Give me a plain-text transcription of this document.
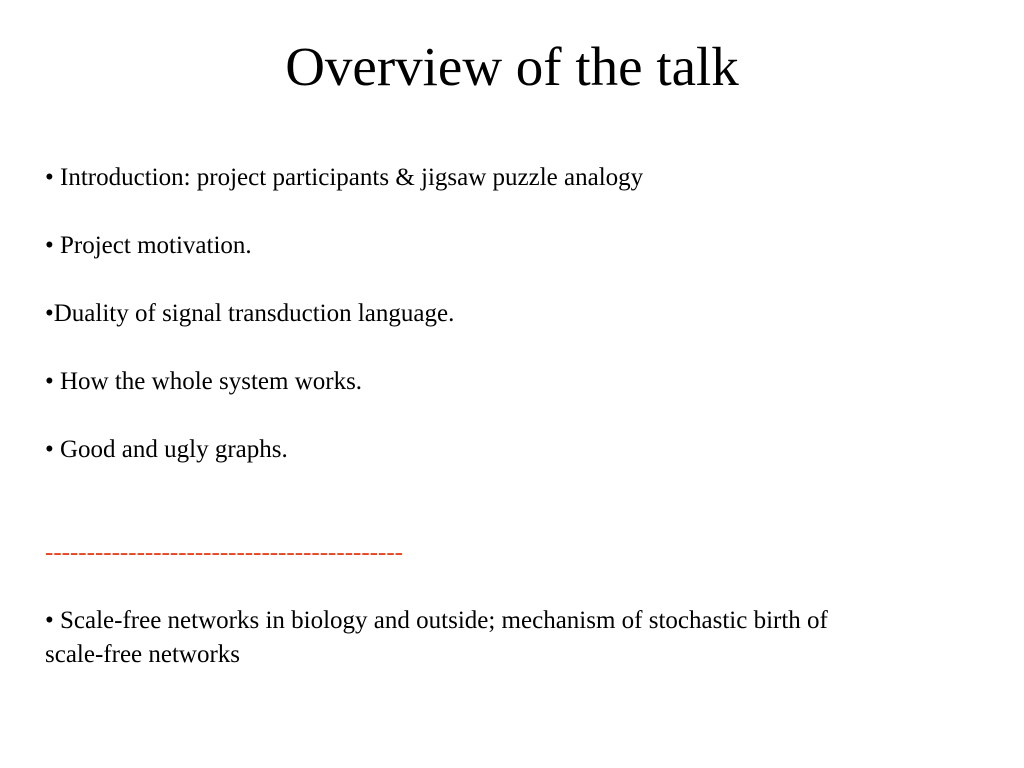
Overview of the talk

• Introduction: project participants & jigsaw puzzle analogy

• Project motivation.

•Duality of signal transduction language.

• How the whole system works.

• Good and ugly graphs.

-------------------------------------------

• Scale-free networks in biology and outside; mechanism of stochastic birth of
scale-free networks
